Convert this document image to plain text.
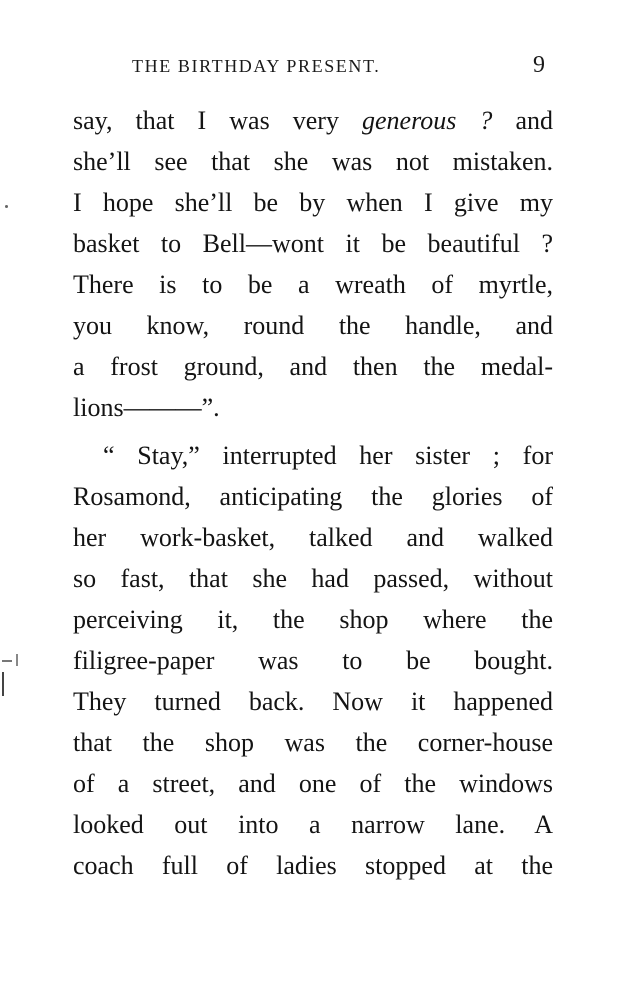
THE BIRTHDAY PRESENT.	9
say, that I was very generous ? and
she’ll see that she was not mistaken.
I hope she’ll be by when I give my
basket to Bell—wont it be beautiful ?
There is to be a wreath of myrtle,
you know, round the handle, and
a frost ground, and then the medal-
lions———”.
“ Stay,” interrupted her sister ; for
Rosamond, anticipating the glories of
her work-basket, talked and walked
so fast, that she had passed, without
perceiving it, the shop where the
filigree-paper was to be bought.
They turned back. Now it happened
that the shop was the corner-house
of a street, and one of the windows
looked out into a narrow lane. A
coach full of ladies stopped at the
